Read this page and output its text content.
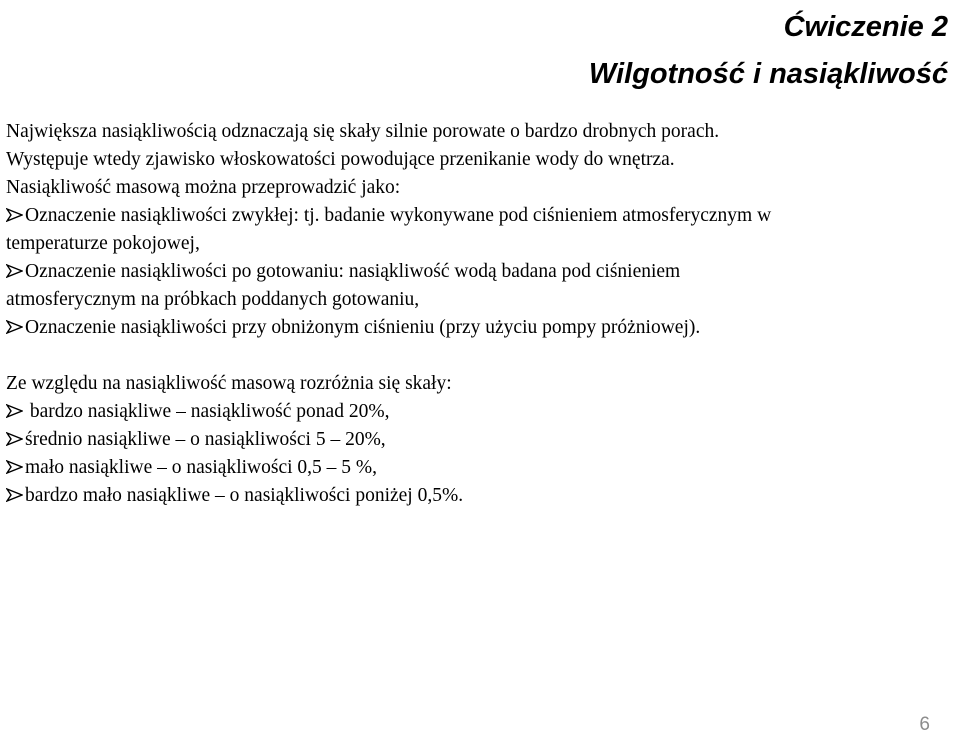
Ćwiczenie 2
Wilgotność i nasiąkliwość
Największa nasiąkliwością odznaczają się skały silnie porowate o bardzo drobnych porach.
Występuje wtedy zjawisko włoskowatości powodujące przenikanie wody do wnętrza.
Nasiąkliwość masową można przeprowadzić jako:
Oznaczenie nasiąkliwości zwykłej: tj. badanie wykonywane pod ciśnieniem atmosferycznym w
temperaturze pokojowej,
Oznaczenie nasiąkliwości po gotowaniu: nasiąkliwość wodą badana pod ciśnieniem
atmosferycznym na próbkach poddanych gotowaniu,
Oznaczenie nasiąkliwości przy obniżonym ciśnieniu (przy użyciu pompy próżniowej).
Ze względu na nasiąkliwość masową rozróżnia się skały:
bardzo nasiąkliwe – nasiąkliwość ponad 20%,
średnio nasiąkliwe – o nasiąkliwości 5 – 20%,
mało nasiąkliwe – o nasiąkliwości 0,5 – 5 %,
bardzo mało nasiąkliwe – o nasiąkliwości poniżej 0,5%.
6
